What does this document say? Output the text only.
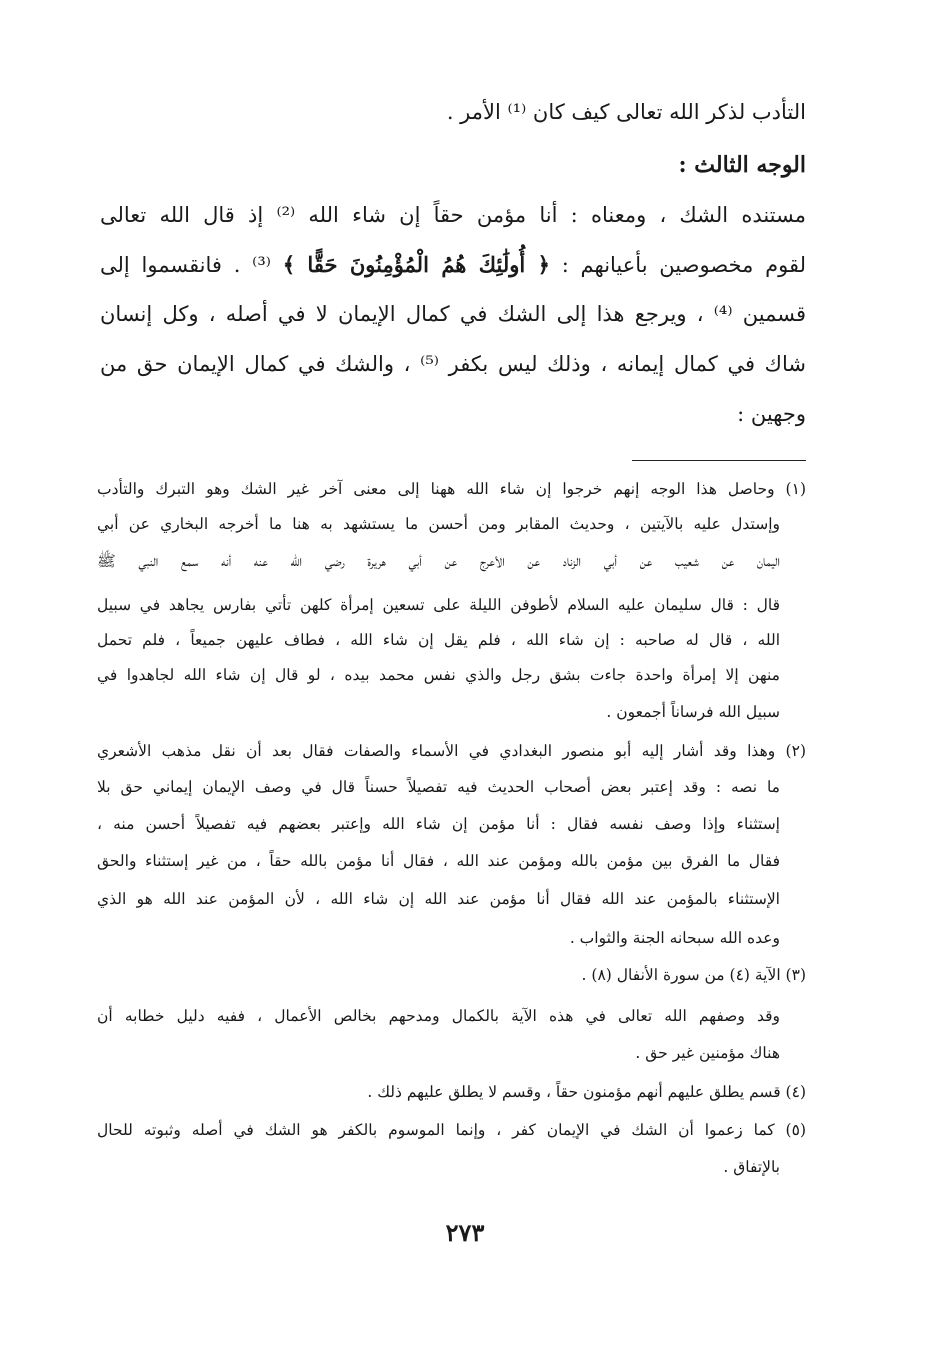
التأدب لذكر الله تعالى كيف كان ⁽¹⁾ الأمر .
الوجه الثالث :
مستنده الشك ، ومعناه : أنا مؤمن حقاً إن شاء الله ⁽²⁾ إذ قال الله تعالى
لقوم مخصوصين بأعيانهم : ﴿ أُولَٰئِكَ هُمُ الْمُؤْمِنُونَ حَقًّا ﴾ ⁽³⁾ . فانقسموا إلى
قسمين ⁽⁴⁾ ، ويرجع هذا إلى الشك في كمال الإيمان لا في أصله ، وكل إنسان
شاك في كمال إيمانه ، وذلك ليس بكفر ⁽⁵⁾ ، والشك في كمال الإيمان حق من
وجهين :
(١) وحاصل هذا الوجه إنهم خرجوا إن شاء الله ههنا إلى معنى آخر غير الشك وهو التبرك والتأدب
وإستدل عليه بالآيتين ، وحديث المقابر ومن أحسن ما يستشهد به هنا ما أخرجه البخاري عن أبي
اليمان عن شعيب عن أبي الزناد عن الأعرج عن أبي هريرة رضي الله عنه أنه سمع النبي ﷺ
قال : قال سليمان عليه السلام لأطوفن الليلة على تسعين إمرأة كلهن تأتي بفارس يجاهد في سبيل
الله ، قال له صاحبه : إن شاء الله ، فلم يقل إن شاء الله ، فطاف عليهن جميعاً ، فلم تحمل
منهن إلا إمرأة واحدة جاءت بشق رجل والذي نفس محمد بيده ، لو قال إن شاء الله لجاهدوا في
سبيل الله فرساناً أجمعون .
(٢) وهذا وقد أشار إليه أبو منصور البغدادي في الأسماء والصفات فقال بعد أن نقل مذهب الأشعري
ما نصه : وقد إعتبر بعض أصحاب الحديث فيه تفصيلاً حسناً قال في وصف الإيمان إيماني حق بلا
إستثناء وإذا وصف نفسه فقال : أنا مؤمن إن شاء الله وإعتبر بعضهم فيه تفصيلاً أحسن منه ،
فقال ما الفرق بين مؤمن بالله ومؤمن عند الله ، فقال أنا مؤمن بالله حقاً ، من غير إستثناء والحق
الإستثناء بالمؤمن عند الله فقال أنا مؤمن عند الله إن شاء الله ، لأن المؤمن عند الله هو الذي
وعده الله سبحانه الجنة والثواب .
(٣) الآية (٤) من سورة الأنفال (٨) .
وقد وصفهم الله تعالى في هذه الآية بالكمال ومدحهم بخالص الأعمال ، ففيه دليل خطابه أن
هناك مؤمنين غير حق .
(٤) قسم يطلق عليهم أنهم مؤمنون حقاً ، وقسم لا يطلق عليهم ذلك .
(٥) كما زعموا أن الشك في الإيمان كفر ، وإنما الموسوم بالكفر هو الشك في أصله وثبوته للحال
بالإتفاق .
٢٧٣
